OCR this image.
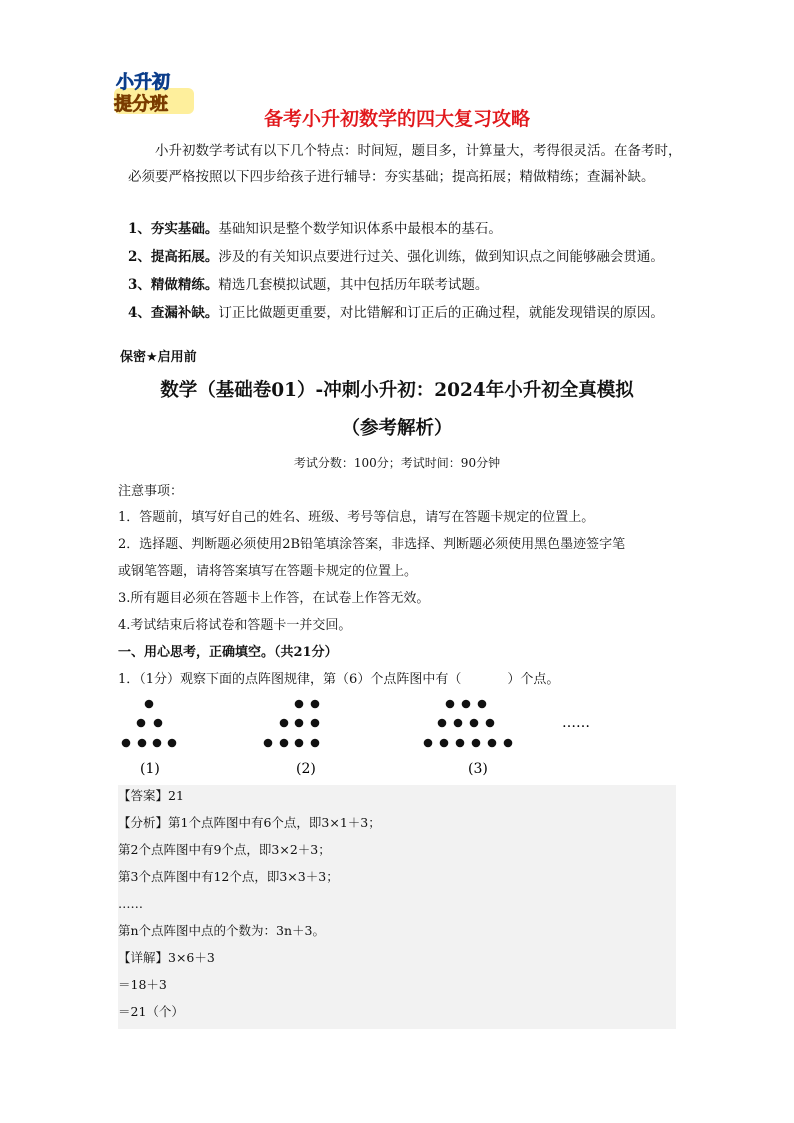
小升初
提分班
备考小升初数学的四大复习攻略
小升初数学考试有以下几个特点：时间短，题目多，计算量大，考得很灵活。在备考时，必须要严格按照以下四步给孩子进行辅导：夯实基础；提高拓展；精做精练；查漏补缺。
1、夯实基础。基础知识是整个数学知识体系中最根本的基石。
2、提高拓展。涉及的有关知识点要进行过关、强化训练，做到知识点之间能够融会贯通。
3、精做精练。精选几套模拟试题，其中包括历年联考试题。
4、查漏补缺。订正比做题更重要，对比错解和订正后的正确过程，就能发现错误的原因。
保密★启用前
数学（基础卷01）-冲刺小升初：2024年小升初全真模拟
（参考解析）
考试分数：100分；考试时间：90分钟
注意事项：
1．答题前，填写好自己的姓名、班级、考号等信息，请写在答题卡规定的位置上。
2．选择题、判断题必须使用2B铅笔填涂答案，非选择、判断题必须使用黑色墨迹签字笔
或钢笔答题，请将答案填写在答题卡规定的位置上。
3.所有题目必须在答题卡上作答，在试卷上作答无效。
4.考试结束后将试卷和答题卡一并交回。
一、用心思考，正确填空。（共21分）
1．（1分）观察下面的点阵图规律，第（6）个点阵图中有（	）个点。
(1)	(2)	(3)
……
【答案】21
【分析】第1个点阵图中有6个点，即3×1＋3；
第2个点阵图中有9个点，即3×2＋3；
第3个点阵图中有12个点，即3×3＋3；
……
第n个点阵图中点的个数为：3n＋3。
【详解】3×6＋3
＝18＋3
＝21（个）
